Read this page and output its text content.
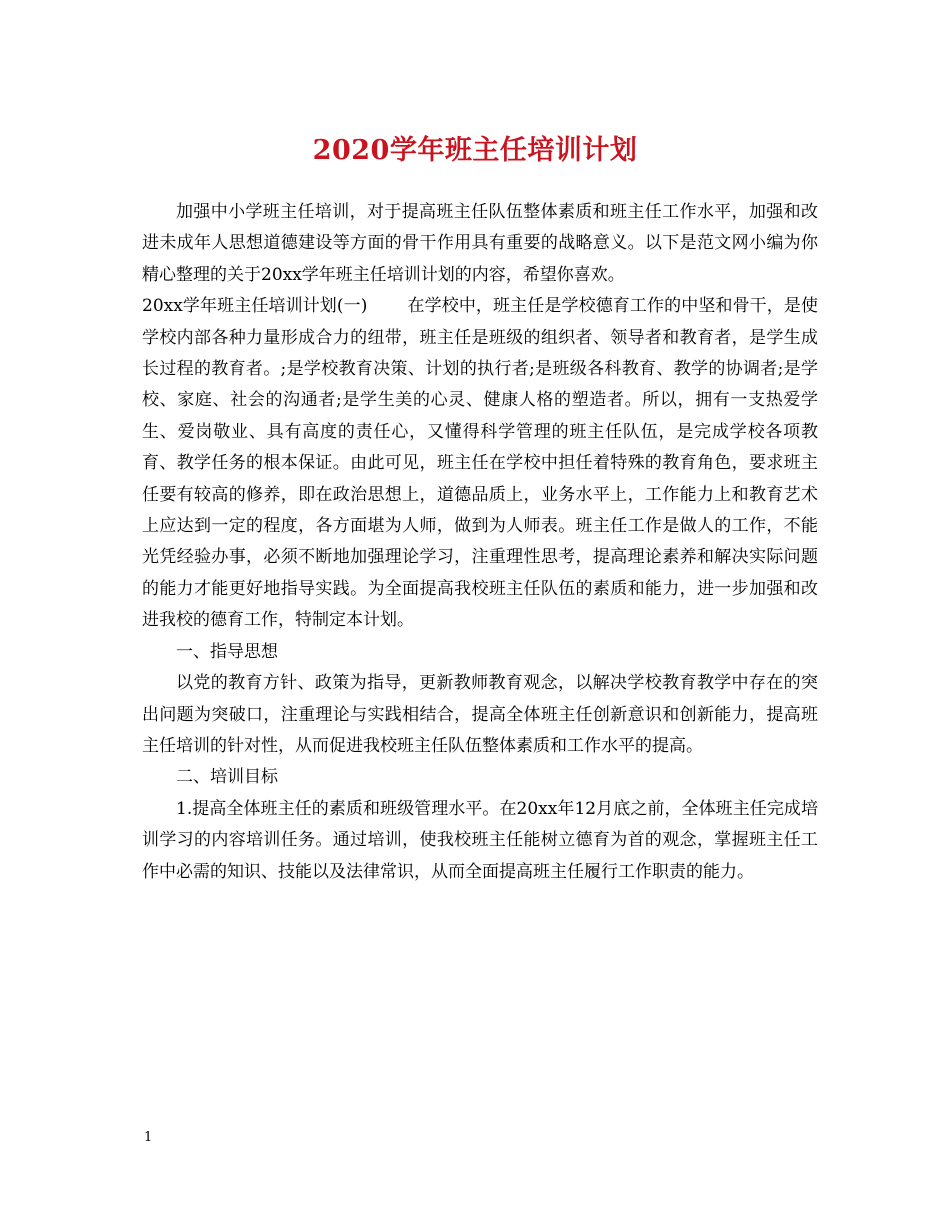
2020学年班主任培训计划

加强中小学班主任培训，对于提高班主任队伍整体素质和班主任工作水平，加强和改进未成年人思想道德建设等方面的骨干作用具有重要的战略意义。以下是范文网小编为你精心整理的关于20xx学年班主任培训计划的内容，希望你喜欢。

20xx学年班主任培训计划(一) 在学校中，班主任是学校德育工作的中坚和骨干，是使学校内部各种力量形成合力的纽带，班主任是班级的组织者、领导者和教育者，是学生成长过程的教育者。;是学校教育决策、计划的执行者;是班级各科教育、教学的协调者;是学校、家庭、社会的沟通者;是学生美的心灵、健康人格的塑造者。所以，拥有一支热爱学生、爱岗敬业、具有高度的责任心，又懂得科学管理的班主任队伍，是完成学校各项教育、教学任务的根本保证。由此可见，班主任在学校中担任着特殊的教育角色，要求班主任要有较高的修养，即在政治思想上，道德品质上，业务水平上，工作能力上和教育艺术上应达到一定的程度，各方面堪为人师，做到为人师表。班主任工作是做人的工作，不能光凭经验办事，必须不断地加强理论学习，注重理性思考，提高理论素养和解决实际问题的能力才能更好地指导实践。为全面提高我校班主任队伍的素质和能力，进一步加强和改进我校的德育工作，特制定本计划。

一、指导思想

以党的教育方针、政策为指导，更新教师教育观念，以解决学校教育教学中存在的突出问题为突破口，注重理论与实践相结合，提高全体班主任创新意识和创新能力，提高班主任培训的针对性，从而促进我校班主任队伍整体素质和工作水平的提高。

二、培训目标

1.提高全体班主任的素质和班级管理水平。在20xx年12月底之前，全体班主任完成培训学习的内容培训任务。通过培训，使我校班主任能树立德育为首的观念，掌握班主任工作中必需的知识、技能以及法律常识，从而全面提高班主任履行工作职责的能力。

1
